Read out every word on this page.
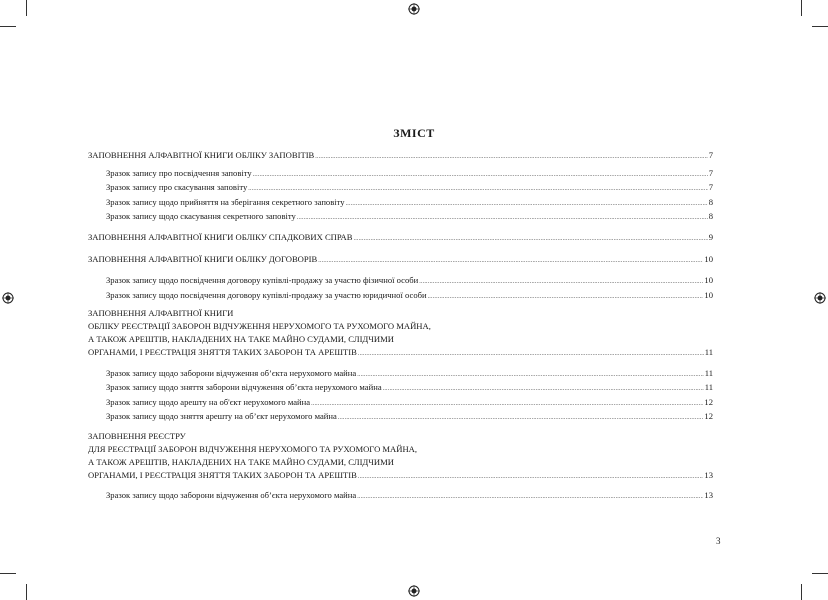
ЗМІСТ
ЗАПОВНЕННЯ АЛФАВІТНОЇ КНИГИ ОБЛІКУ ЗАПОВІТІВ .....	7
Зразок запису про посвідчення заповіту .....	7
Зразок запису про скасування заповіту .....	7
Зразок запису щодо прийняття на зберігання секретного заповіту .....	8
Зразок запису щодо скасування секретного заповіту .....	8
ЗАПОВНЕННЯ АЛФАВІТНОЇ КНИГИ ОБЛІКУ СПАДКОВИХ СПРАВ .....	9
ЗАПОВНЕННЯ АЛФАВІТНОЇ КНИГИ ОБЛІКУ ДОГОВОРІВ .....	10
Зразок запису щодо посвідчення договору купівлі-продажу за участю фізичної особи .....	10
Зразок запису щодо посвідчення договору купівлі-продажу за участю юридичної особи .....	10
ЗАПОВНЕННЯ АЛФАВІТНОЇ КНИГИ
ОБЛІКУ РЕЄСТРАЦІЇ ЗАБОРОН ВІДЧУЖЕННЯ НЕРУХОМОГО ТА РУХОМОГО МАЙНА,
А ТАКОЖ АРЕШТІВ, НАКЛАДЕНИХ НА ТАКЕ МАЙНО СУДАМИ, СЛІДЧИМИ
ОРГАНАМИ, І РЕЄСТРАЦІЯ ЗНЯТТЯ ТАКИХ ЗАБОРОН ТА АРЕШТІВ .....	11
Зразок запису щодо заборони відчуження об’єкта нерухомого майна .....	11
Зразок запису щодо зняття заборони відчуження об’єкта нерухомого майна .....	11
Зразок запису щодо арешту на об'єкт нерухомого майна .....	12
Зразок запису щодо зняття арешту на об’єкт нерухомого майна .....	12
ЗАПОВНЕННЯ РЕЄСТРУ
ДЛЯ РЕЄСТРАЦІЇ ЗАБОРОН ВІДЧУЖЕННЯ НЕРУХОМОГО ТА РУХОМОГО МАЙНА,
А ТАКОЖ АРЕШТІВ, НАКЛАДЕНИХ НА ТАКЕ МАЙНО СУДАМИ, СЛІДЧИМИ
ОРГАНАМИ, І РЕЄСТРАЦІЯ ЗНЯТТЯ ТАКИХ ЗАБОРОН ТА АРЕШТІВ .....	13
Зразок запису щодо заборони відчуження об’єкта нерухомого майна .....	13
3
